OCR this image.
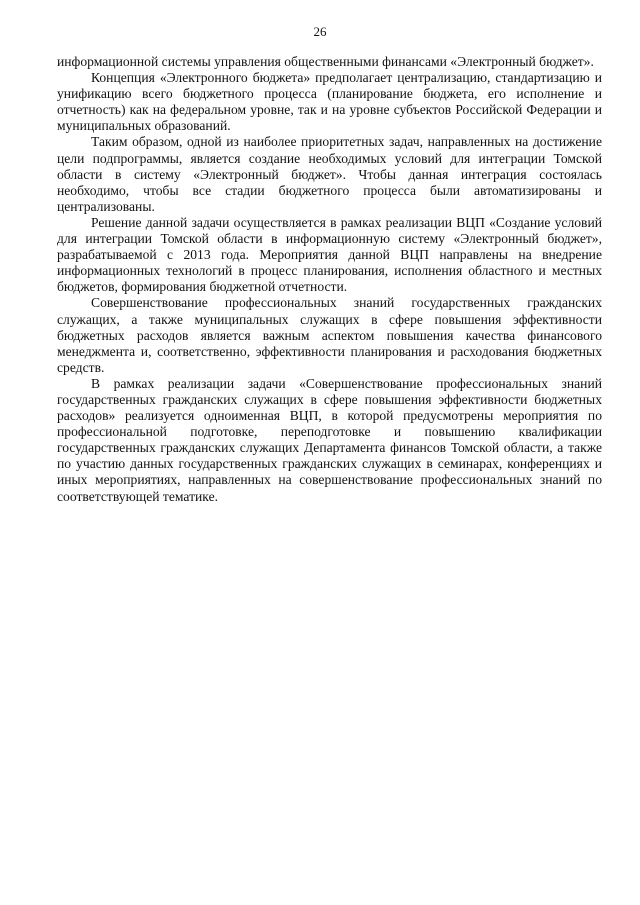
26

информационной системы управления общественными финансами «Электронный бюджет».

Концепция «Электронного бюджета» предполагает централизацию, стандартизацию и унификацию всего бюджетного процесса (планирование бюджета, его исполнение и отчетность) как на федеральном уровне, так и на уровне субъектов Российской Федерации и муниципальных образований.

Таким образом, одной из наиболее приоритетных задач, направленных на достижение цели подпрограммы, является создание необходимых условий для интеграции Томской области в систему «Электронный бюджет». Чтобы данная интеграция состоялась необходимо, чтобы все стадии бюджетного процесса были автоматизированы и централизованы.

Решение данной задачи осуществляется в рамках реализации ВЦП «Создание условий для интеграции Томской области в информационную систему «Электронный бюджет», разрабатываемой с 2013 года. Мероприятия данной ВЦП направлены на внедрение информационных технологий в процесс планирования, исполнения областного и местных бюджетов, формирования бюджетной отчетности.

Совершенствование профессиональных знаний государственных гражданских служащих, а также муниципальных служащих в сфере повышения эффективности бюджетных расходов является важным аспектом повышения качества финансового менеджмента и, соответственно, эффективности планирования и расходования бюджетных средств.

В рамках реализации задачи «Совершенствование профессиональных знаний государственных гражданских служащих в сфере повышения эффективности бюджетных расходов» реализуется одноименная ВЦП, в которой предусмотрены мероприятия по профессиональной подготовке, переподготовке и повышению квалификации государственных гражданских служащих Департамента финансов Томской области, а также по участию данных государственных гражданских служащих в семинарах, конференциях и иных мероприятиях, направленных на совершенствование профессиональных знаний по соответствующей тематике.
